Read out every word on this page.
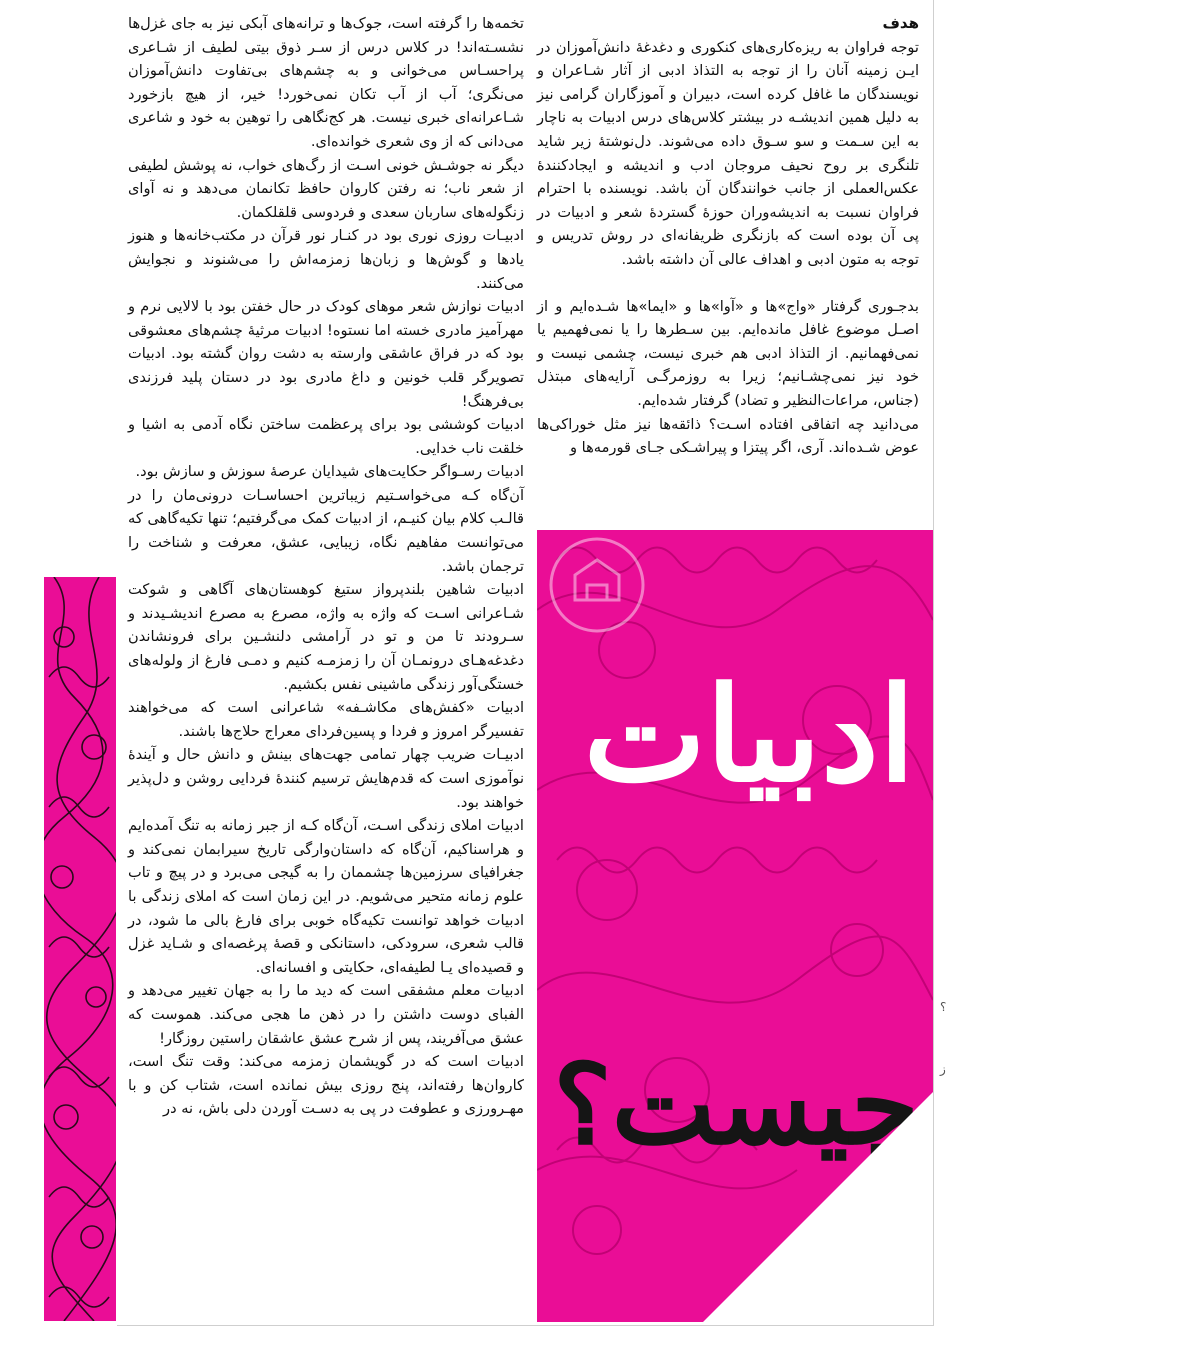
هدف

توجه فراوان به ریزه‌کاری‌های کنکوری و دغدغهٔ دانش‌آموزان در ایـن زمینه آنان را از توجه به التذاذ ادبی از آثار شـاعران و نویسندگان ما غافل کرده است، دبیران و آموزگاران گرامی نیز به دلیل همین اندیشـه در بیشتر کلاس‌های درس ادبیات به ناچار به این سـمت و سو سـوق داده می‌شوند. دل‌نوشتهٔ زیر شاید تلنگری بر روح نحیف مروجان ادب و اندیشه و ایجادکنندهٔ عکس‌العملی از جانب خوانندگان آن باشد. نویسنده با احترام فراوان نسبت به اندیشه‌وران حوزهٔ گستردهٔ شعر و ادبیات در پی آن بوده است که بازنگری ظریفانه‌ای در روش تدریس و توجه به متون ادبی و اهداف عالی آن داشته باشد.

بدجـوری گرفتار «واج»ها و «آوا»ها و «ایما»ها شـده‌ایم و از اصـل موضوع غافل مانده‌ایم. بین سـطرها را یا نمی‌فهمیم یا نمی‌فهمانیم. از التذاذ ادبی هم خبری نیست، چشمی نیست و خود نیز نمی‌چشـانیم؛ زیرا به روزمرگـی آرایه‌های مبتذل (جناس، مراعات‌النظیر و تضاد) گرفتار شده‌ایم.

می‌دانید چه اتفاقی افتاده اسـت؟ ذائقه‌ها نیز مثل خوراکی‌ها عوض شـده‌اند. آری، اگر پیتزا و پیراشـکی جـای قورمه‌ها و

تخمه‌ها را گرفته است، جوک‌ها و ترانه‌های آبکی نیز به جای غزل‌ها نشسـته‌اند! در کلاس درس از سـر ذوق بیتی لطیف از شـاعری پراحسـاس می‌خوانی و به چشم‌های بی‌تفاوت دانش‌آموزان می‌نگری؛ آب از آب تکان نمی‌خورد! خیر، از هیچ بازخورد شـاعرانه‌ای خبری نیست. هر کج‌نگاهی را توهین به خود و شاعری می‌دانی که از وی شعری خوانده‌ای.

دیگر نه جوشـش خونی اسـت از رگ‌های خواب، نه پوشش لطیفی از شعر ناب؛ نه رفتن کاروان حافظ تکانمان می‌دهد و نه آوای زنگوله‌های ساربان سعدی و فردوسی قلقلکمان.

ادبیـات روزی نوری بود در کنـار نور قرآن در مکتب‌خانه‌ها و هنوز یادها و گوش‌ها و زبان‌ها زمزمه‌اش را می‌شنوند و نجوایش می‌کنند.

ادبیات نوازش شعر موهای کودک در حال خفتن بود با لالایی نرم و مهرآمیز مادری خسته اما نستوه! ادبیات مرثیهٔ چشم‌های معشوقی بود که در فراق عاشقی وارسته به دشت روان گشته بود. ادبیات تصویرگر قلب خونین و داغ مادری بود در دستان پلید فرزندی بی‌فرهنگ!

ادبیات کوششی بود برای پرعظمت ساختن نگاه آدمی به اشیا و خلقت ناب خدایی.

ادبیات رسـواگر حکایت‌های شیدایان عرصهٔ سوزش و سازش بود.

آن‌گاه کـه می‌خواسـتیم زیباترین احساسـات درونی‌مان را در قالـب کلام بیان کنیـم، از ادبیات کمک می‌گرفتیم؛ تنها تکیه‌گاهی که می‌توانست مفاهیم نگاه، زیبایی، عشق، معرفت و شناخت را ترجمان باشد.

ادبیات شاهین بلندپرواز ستیغ کوهستان‌های آگاهی و شوکت شـاعرانی اسـت که واژه به واژه، مصرع به مصرع اندیشـیدند و سـرودند تا من و تو در آرامشی دلنشـین برای فرونشاندن دغدغه‌هـای درونمـان آن را زمزمـه کنیم و دمـی فارغ از ولوله‌های خستگی‌آور زندگی ماشینی نفس بکشیم.

ادبیات «کفش‌های مکاشـفه» شاعرانی است که می‌خواهند تفسیرگر امروز و فردا و پسین‌فردای معراج حلاج‌ها باشند.

ادبیـات ضریب چهار تمامی جهت‌های بینش و دانش حال و آیندهٔ نوآموزی است که قدم‌هایش ترسیم کنندهٔ فردایی روشن و دل‌پذیر خواهند بود.

ادبیات املای زندگی اسـت، آن‌گاه کـه از جبر زمانه به تنگ آمده‌ایم و هراسناکیم، آن‌گاه که داستان‌وارگی تاریخ سیرابمان نمی‌کند و جغرافیای سرزمین‌ها چشممان را به گیجی می‌برد و در پیچ و تاب علوم زمانه متحیر می‌شویم. در این زمان است که املای زندگی با ادبیات خواهد توانست تکیه‌گاه خوبی برای فارغ بالی ما شود، در قالب شعری، سرودکی، داستانکی و قصهٔ پرغصه‌ای و شـاید غزل و قصیده‌ای یـا لطیفه‌ای، حکایتی و افسانه‌ای.

ادبیات معلم مشفقی است که دید ما را به جهان تغییر می‌دهد و الفبای دوست داشتن را در ذهن ما هجی می‌کند. هموست که عشق می‌آفریند، پس از شرح عشق عاشقان راستین روزگار!

ادبیات است که در گویشمان زمزمه می‌کند: وقت تنگ است، کاروان‌ها رفته‌اند، پنج روزی بیش نمانده است، شتاب کن و با مهـرورزی و عطوفت در پی به دسـت آوردن دلی باش، نه در

ادبیات
چیست؟
؟
ز
